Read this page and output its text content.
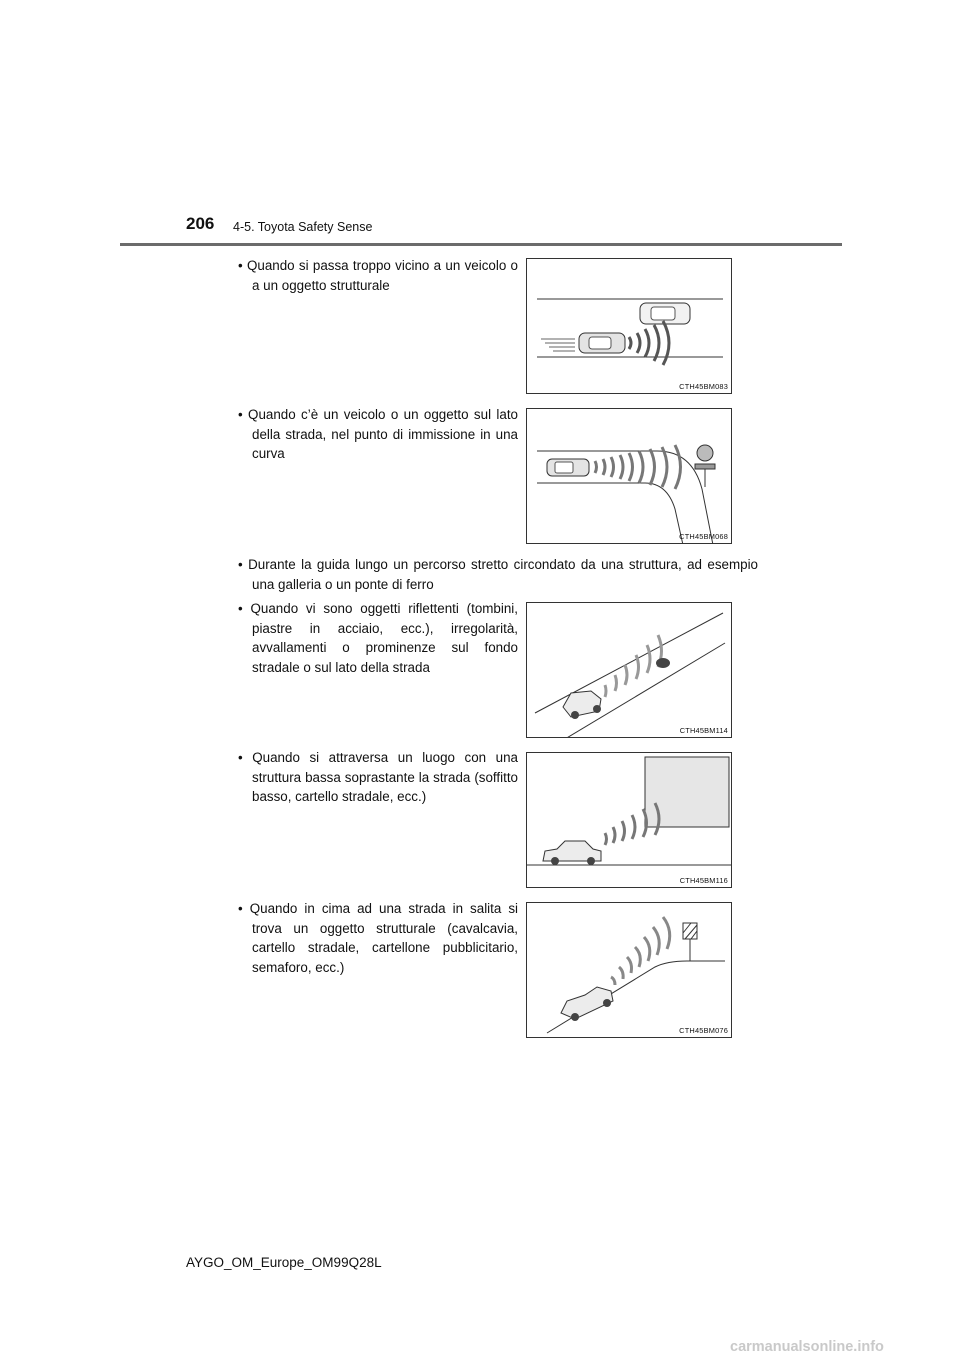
206 4-5. Toyota Safety Sense
• Quando si passa troppo vicino a un veicolo o a un oggetto strutturale
CTH45BM083
• Quando c’è un veicolo o un oggetto sul lato della strada, nel punto di immissione in una curva
CTH45BM068
• Durante la guida lungo un percorso stretto circondato da una struttura, ad esempio una galleria o un ponte di ferro
• Quando vi sono oggetti riflettenti (tombini, piastre in acciaio, ecc.), irregolarità, avvallamenti o prominenze sul fondo stradale o sul lato della strada
CTH45BM114
• Quando si attraversa un luogo con una struttura bassa soprastante la strada (soffitto basso, cartello stradale, ecc.)
CTH45BM116
• Quando in cima ad una strada in salita si trova un oggetto strutturale (cavalcavia, cartello stradale, cartellone pubblicitario, semaforo, ecc.)
CTH45BM076
AYGO_OM_Europe_OM99Q28L
carmanualsonline.info
